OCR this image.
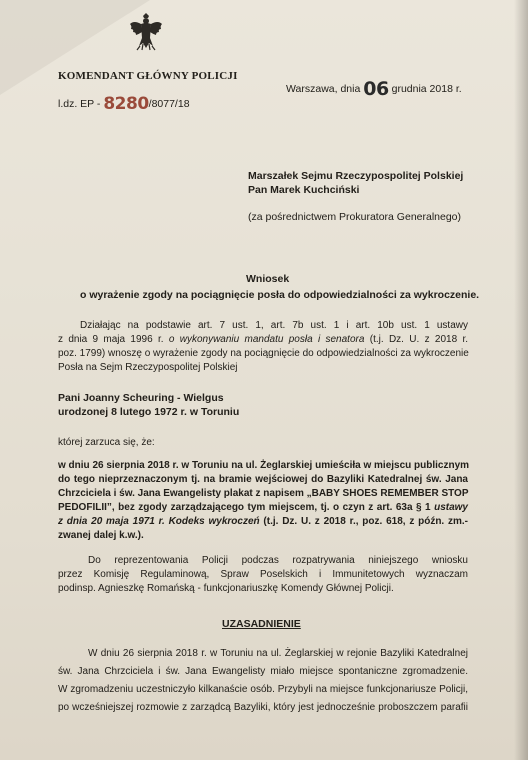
KOMENDANT GŁÓWNY POLICJI
l.dz. EP - 8280/8077/18
Warszawa, dnia 06 grudnia 2018 r.
Marszałek Sejmu Rzeczypospolitej Polskiej
Pan Marek Kuchciński
(za pośrednictwem Prokuratora Generalnego)
Wniosek
o wyrażenie zgody na pociągnięcie posła do odpowiedzialności za wykroczenie.
Działając na podstawie art. 7 ust. 1, art. 7b ust. 1 i art. 10b ust. 1 ustawy
z dnia 9 maja 1996 r. o wykonywaniu mandatu posła i senatora (t.j. Dz. U. z 2018 r.
poz. 1799) wnoszę o wyrażenie zgody na pociągnięcie do odpowiedzialności za wykroczenie
Posła na Sejm Rzeczypospolitej Polskiej
Pani Joanny Scheuring - Wielgus
urodzonej 8 lutego 1972 r. w Toruniu
której zarzuca się, że:
w dniu 26 sierpnia 2018 r. w Toruniu na ul. Żeglarskiej umieściła w miejscu publicznym
do tego nieprzeznaczonym tj. na bramie wejściowej do Bazyliki Katedralnej św. Jana
Chrzciciela i św. Jana Ewangelisty plakat z napisem „BABY SHOES REMEMBER STOP
PEDOFILII”, bez zgody zarządzającego tym miejscem, tj. o czyn z art. 63a § 1 ustawy
z dnia 20 maja 1971 r. Kodeks wykroczeń (t.j. Dz. U. z 2018 r., poz. 618, z późn. zm.-
zwanej dalej k.w.).
Do reprezentowania Policji podczas rozpatrywania niniejszego wniosku
przez Komisję Regulaminową, Spraw Poselskich i Immunitetowych wyznaczam
podinsp. Agnieszkę Romańską - funkcjonariuszkę Komendy Głównej Policji.
UZASADNIENIE
W dniu 26 sierpnia 2018 r. w Toruniu na ul. Żeglarskiej w rejonie Bazyliki Katedralnej
św. Jana Chrzciciela i św. Jana Ewangelisty miało miejsce spontaniczne zgromadzenie.
W zgromadzeniu uczestniczyło kilkanaście osób. Przybyli na miejsce funkcjonariusze Policji,
po wcześniejszej rozmowie z zarządcą Bazyliki, który jest jednocześnie proboszczem parafii
